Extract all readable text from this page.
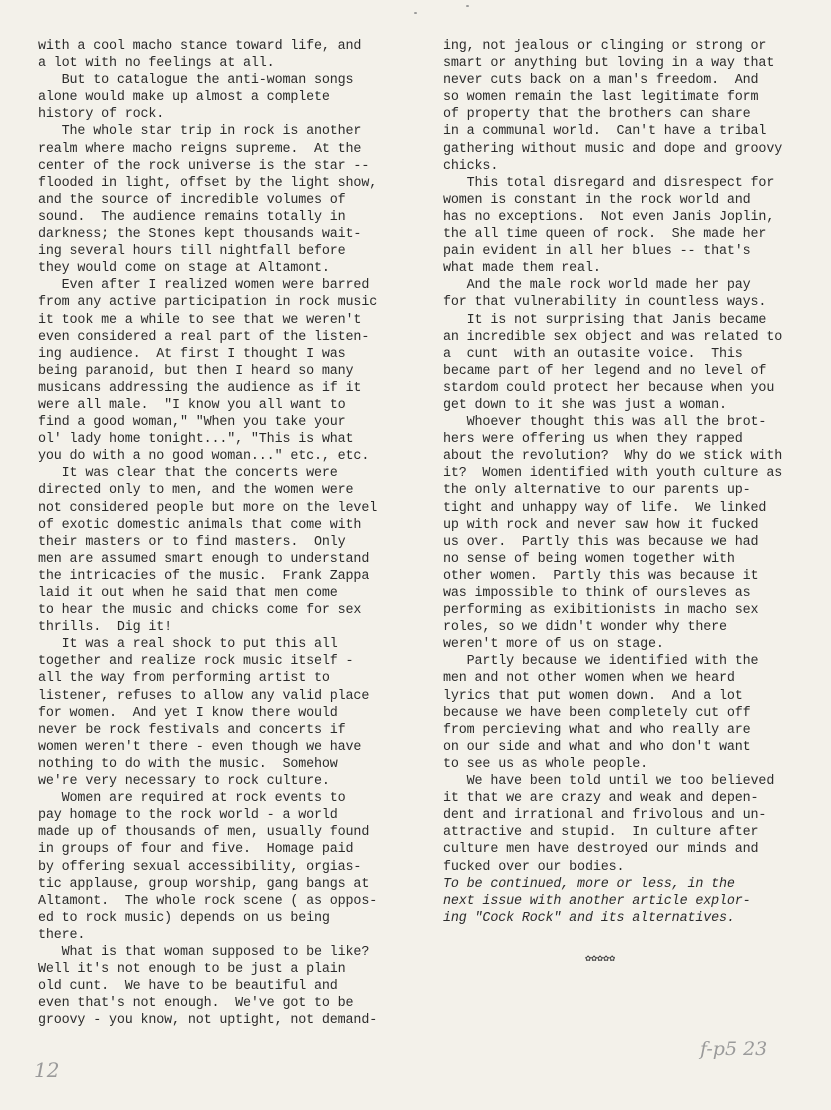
with a cool macho stance toward life, and
a lot with no feelings at all.
But to catalogue the anti-woman songs
alone would make up almost a complete
history of rock.
The whole star trip in rock is another
realm where macho reigns supreme.  At the
center of the rock universe is the star --
flooded in light, offset by the light show,
and the source of incredible volumes of
sound.  The audience remains totally in
darkness; the Stones kept thousands wait-
ing several hours till nightfall before
they would come on stage at Altamont.
Even after I realized women were barred
from any active participation in rock music
it took me a while to see that we weren't
even considered a real part of the listen-
ing audience.  At first I thought I was
being paranoid, but then I heard so many
musicans addressing the audience as if it
were all male.  "I know you all want to
find a good woman," "When you take your
ol' lady home tonight...", "This is what
you do with a no good woman..." etc., etc.
It was clear that the concerts were
directed only to men, and the women were
not considered people but more on the level
of exotic domestic animals that come with
their masters or to find masters.  Only
men are assumed smart enough to understand
the intricacies of the music.  Frank Zappa
laid it out when he said that men come
to hear the music and chicks come for sex
thrills.  Dig it!
It was a real shock to put this all
together and realize rock music itself -
all the way from performing artist to
listener, refuses to allow any valid place
for women.  And yet I know there would
never be rock festivals and concerts if
women weren't there - even though we have
nothing to do with the music.  Somehow
we're very necessary to rock culture.
Women are required at rock events to
pay homage to the rock world - a world
made up of thousands of men, usually found
in groups of four and five.  Homage paid
by offering sexual accessibility, orgias-
tic applause, group worship, gang bangs at
Altamont.  The whole rock scene ( as oppos-
ed to rock music) depends on us being
there.
What is that woman supposed to be like?
Well it's not enough to be just a plain
old cunt.  We have to be beautiful and
even that's not enough.  We've got to be
groovy - you know, not uptight, not demand-
ing, not jealous or clinging or strong or
smart or anything but loving in a way that
never cuts back on a man's freedom.  And
so women remain the last legitimate form
of property that the brothers can share
in a communal world.  Can't have a tribal
gathering without music and dope and groovy
chicks.
This total disregard and disrespect for
women is constant in the rock world and
has no exceptions.  Not even Janis Joplin,
the all time queen of rock.  She made her
pain evident in all her blues -- that's
what made them real.
And the male rock world made her pay
for that vulnerability in countless ways.
It is not surprising that Janis became
an incredible sex object and was related to
a  cunt  with an outasite voice.  This
became part of her legend and no level of
stardom could protect her because when you
get down to it she was just a woman.
Whoever thought this was all the brot-
hers were offering us when they rapped
about the revolution?  Why do we stick with
it?  Women identified with youth culture as
the only alternative to our parents up-
tight and unhappy way of life.  We linked
up with rock and never saw how it fucked
us over.  Partly this was because we had
no sense of being women together with
other women.  Partly this was because it
was impossible to think of oursleves as
performing as exibitionists in macho sex
roles, so we didn't wonder why there
weren't more of us on stage.
Partly because we identified with the
men and not other women when we heard
lyrics that put women down.  And a lot
because we have been completely cut off
from percieving what and who really are
on our side and what and who don't want
to see us as whole people.
We have been told until we too believed
it that we are crazy and weak and depen-
dent and irrational and frivolous and un-
attractive and stupid.  In culture after
culture men have destroyed our minds and
fucked over our bodies.
To be continued, more or less, in the
next issue with another article explor-
ing "Cock Rock" and its alternatives.
✿✿✿✿✿
12
f-p5 23
